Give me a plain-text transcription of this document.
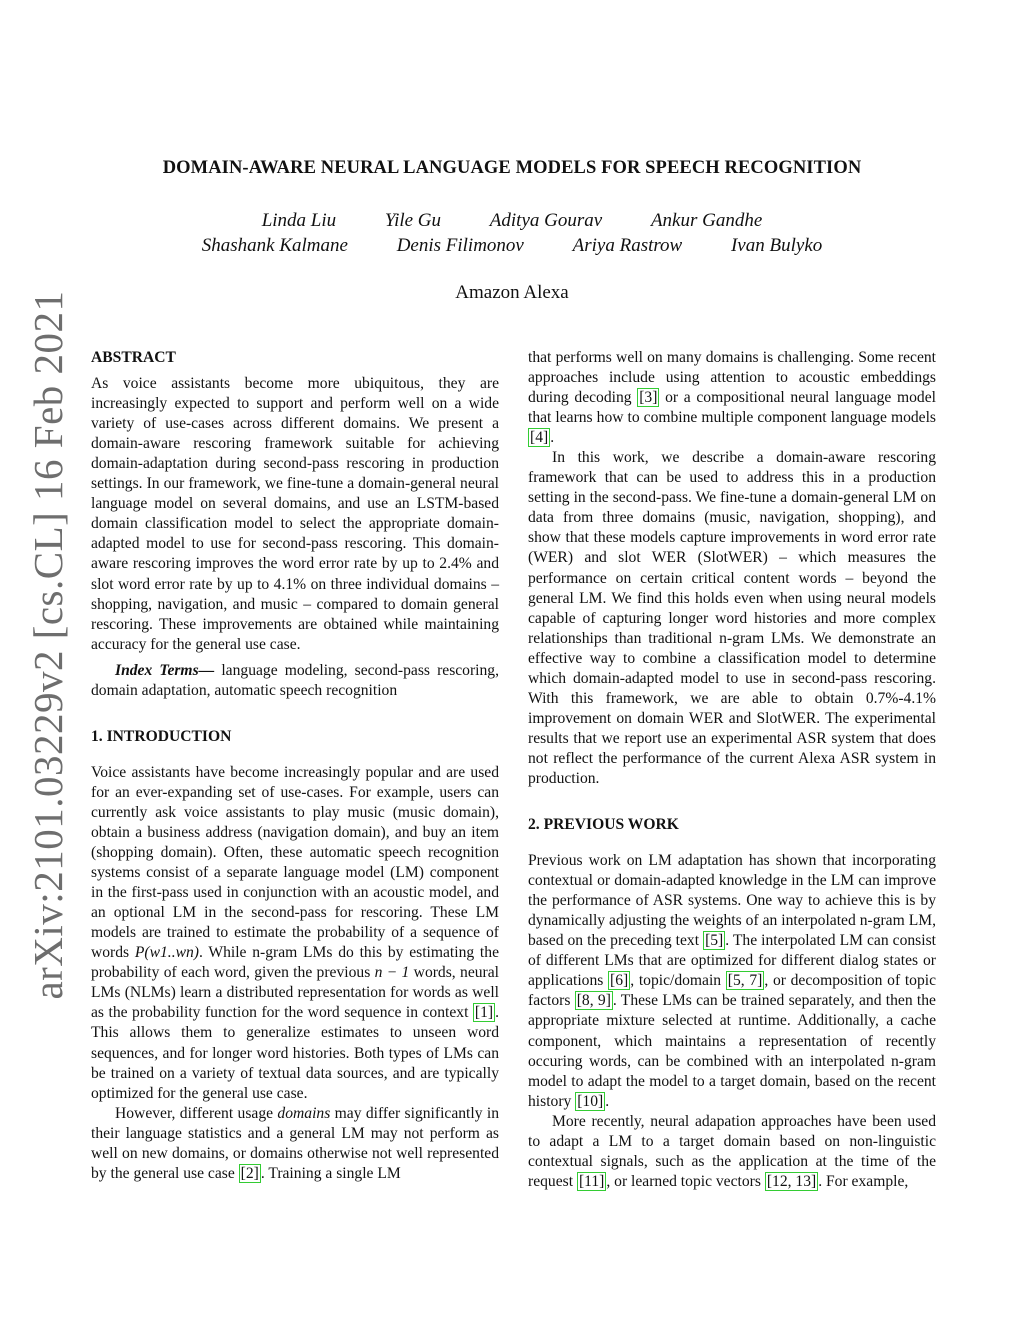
arXiv:2101.03229v2 [cs.CL] 16 Feb 2021
DOMAIN-AWARE NEURAL LANGUAGE MODELS FOR SPEECH RECOGNITION
Linda Liu	Yile Gu	Aditya Gourav	Ankur Gandhe
Shashank Kalmane	Denis Filimonov	Ariya Rastrow	Ivan Bulyko
Amazon Alexa

ABSTRACT

As voice assistants become more ubiquitous, they are increasingly expected to support and perform well on a wide variety of use-cases across different domains. We present a domain-aware rescoring framework suitable for achieving domain-adaptation during second-pass rescoring in production settings. In our framework, we fine-tune a domain-general neural language model on several domains, and use an LSTM-based domain classification model to select the appropriate domain-adapted model to use for second-pass rescoring. This domain-aware rescoring improves the word error rate by up to 2.4% and slot word error rate by up to 4.1% on three individual domains – shopping, navigation, and music – compared to domain general rescoring. These improvements are obtained while maintaining accuracy for the general use case.

Index Terms— language modeling, second-pass rescoring, domain adaptation, automatic speech recognition

1. INTRODUCTION

Voice assistants have become increasingly popular and are used for an ever-expanding set of use-cases. For example, users can currently ask voice assistants to play music (music domain), obtain a business address (navigation domain), and buy an item (shopping domain). Often, these automatic speech recognition systems consist of a separate language model (LM) component in the first-pass used in conjunction with an acoustic model, and an optional LM in the second-pass for rescoring. These LM models are trained to estimate the probability of a sequence of words P(w1..wn). While n-gram LMs do this by estimating the probability of each word, given the previous n − 1 words, neural LMs (NLMs) learn a distributed representation for words as well as the probability function for the word sequence in context [1] . This allows them to generalize estimates to unseen word sequences, and for longer word histories. Both types of LMs can be trained on a variety of textual data sources, and are typically optimized for the general use case.

However, different usage domains may differ significantly in their language statistics and a general LM may not perform as well on new domains, or domains otherwise not well represented by the general use case [2] . Training a single LM

that performs well on many domains is challenging. Some recent approaches include using attention to acoustic embeddings during decoding [3] or a compositional neural language model that learns how to combine multiple component language models [4] .

In this work, we describe a domain-aware rescoring framework that can be used to address this in a production setting in the second-pass. We fine-tune a domain-general LM on data from three domains (music, navigation, shopping), and show that these models capture improvements in word error rate (WER) and slot WER (SlotWER) – which measures the performance on certain critical content words – beyond the general LM. We find this holds even when using neural models capable of capturing longer word histories and more complex relationships than traditional n-gram LMs. We demonstrate an effective way to combine a classification model to determine which domain-adapted model to use in second-pass rescoring. With this framework, we are able to obtain 0.7%-4.1% improvement on domain WER and SlotWER. The experimental results that we report use an experimental ASR system that does not reflect the performance of the current Alexa ASR system in production.

2. PREVIOUS WORK

Previous work on LM adaptation has shown that incorporating contextual or domain-adapted knowledge in the LM can improve the performance of ASR systems. One way to achieve this is by dynamically adjusting the weights of an interpolated n-gram LM, based on the preceding text [5] . The interpolated LM can consist of different LMs that are optimized for different dialog states or applications [6] , topic/domain [5, 7] , or decomposition of topic factors [8, 9] . These LMs can be trained separately, and then the appropriate mixture selected at runtime. Additionally, a cache component, which maintains a representation of recently occuring words, can be combined with an interpolated n-gram model to adapt the model to a target domain, based on the recent history [10] .

More recently, neural adapation approaches have been used to adapt a LM to a target domain based on non-linguistic contextual signals, such as the application at the time of the request [11] , or learned topic vectors [12, 13] . For example,
